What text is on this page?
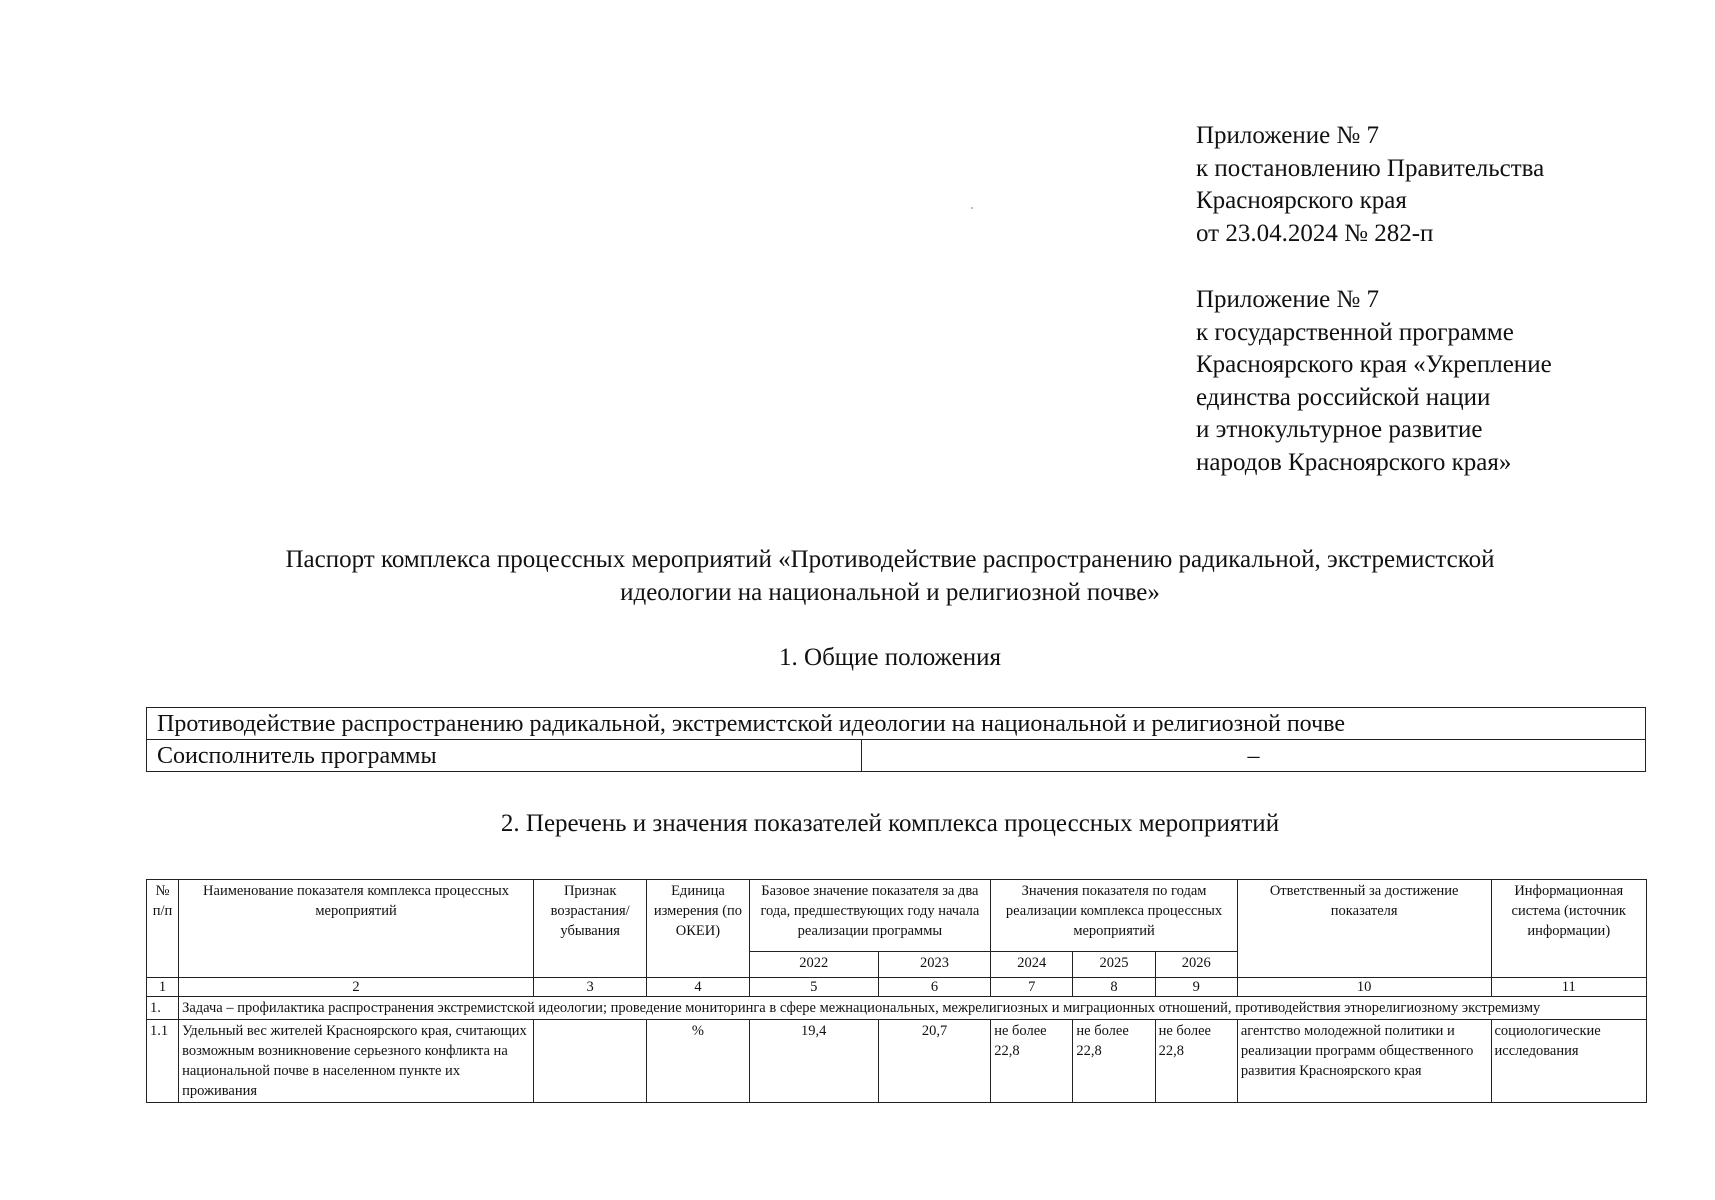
Приложение № 7
к постановлению Правительства
Красноярского края
от 23.04.2024 № 282-п
Приложение № 7
к государственной программе
Красноярского края «Укрепление
единства российской нации
и этнокультурное развитие
народов Красноярского края»
Паспорт комплекса процессных мероприятий «Противодействие распространению радикальной, экстремистской
идеологии на национальной и религиозной почве»
1. Общие положения
Противодействие распространению радикальной, экстремистской идеологии на национальной и религиозной почве
Соисполнитель программы	–
2. Перечень и значения показателей комплекса процессных мероприятий
№ п/п	Наименование показателя комплекса процессных мероприятий	Признак возрастания/ убывания	Единица измерения (по ОКЕИ)	Базовое значение показателя за два года, предшествующих году начала реализации программы		Значения показателя по годам реализации комплекса процессных мероприятий			Ответственный за достижение показателя	Информационная система (источник информации)
				2022	2023	2024	2025	2026		
1	2	3	4	5	6	7	8	9	10	11
1.	Задача – профилактика распространения экстремистской идеологии; проведение мониторинга в сфере межнациональных, межрелигиозных и миграционных отношений, противодействия этнорелигиозному экстремизму									
1.1	Удельный вес жителей Красноярского края, считающих возможным возникновение серьезного конфликта на национальной почве в населенном пункте их проживания		%	19,4	20,7	не более 22,8	не более 22,8	не более 22,8	агентство молодежной политики и реализации программ общественного развития Красноярского края	социологические исследования
